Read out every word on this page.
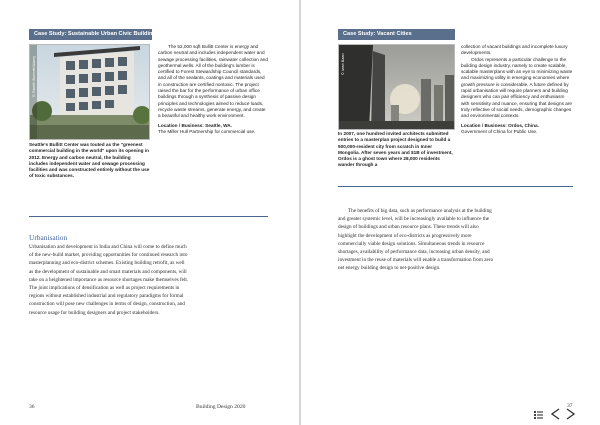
Case Study: Sustainable Urban Civic Buildings
© Gareth Bennett/Alamy

Seattle's Bullitt Center was touted as the "greenest commercial building in the world" upon its opening in 2012. Energy and carbon neutral, the building includes independent water and sewage processing facilities and was constructed entirely without the use of toxic substances.

The 52,000 sqft Bullitt Center is energy and carbon neutral and includes independent water and sewage processing facilities, rainwater collection and geothermal wells. All of the building's lumber is certified to Forest Stewardship Council standards, and all of the sealants, coatings and materials used in construction are certified nontoxic. The project raised the bar for the performance of urban office buildings through a synthesis of passive design principles and technologies aimed to reduce loads, recycle waste streams, generate energy, and create a beautiful and healthy work environment.

Location / Business: Seattle, WA.

The Miller Hull Partnership for commercial use.

Urbanisation

Urbanisation and development in India and China will come to define much of the new-build market, providing opportunities for continued research into masterplanning and eco-district schemes. Existing building retrofit, as well as the development of sustainable and smart materials and components, will take on a heightened importance as resource shortages make themselves felt. The joint implications of densification as well as project requirements in regions without established industrial and regulatory paradigms for formal construction will pose new challenges in terms of design, construction, and resource usage for building designers and project stakeholders.

36	Building Design 2020
Case Study: Vacant Cities
© Iwan Baan

In 2007, one hundred invited architects submitted entries to a masterplan project designed to build a 500,000-resident city from scratch in Inner Mongolia. After seven years and $1B of investment, Ordos is a ghost town where 28,000 residents wander through a

collection of vacant buildings and incomplete luxury developments.

Ordos represents a particular challenge to the building design industry, namely to create scalable, scalable masterplans with an eye to minimizing waste and maximizing utility in emerging economies where growth pressure is considerable. A future defined by rapid urbanisation will require planners and building designers who can pair efficiency and enthusiasm with sensitivity and nuance, ensuring that designs are truly reflective of social needs, demographic changes and environmental contexts.

Location / Business: Ordos, China.

Government of China for Public Use.

The benefits of big data, such as performance analysis at the building and greater systemic level, will be increasingly available to influence the design of buildings and urban resource plans. These trends will also highlight the development of eco-districts as progressively more commercially viable design solutions. Simultaneous trends in resource shortages, availability of performance data, increasing urban density, and investment in the reuse of materials will enable a transformation from zero net energy building design to net-positive design.

37
